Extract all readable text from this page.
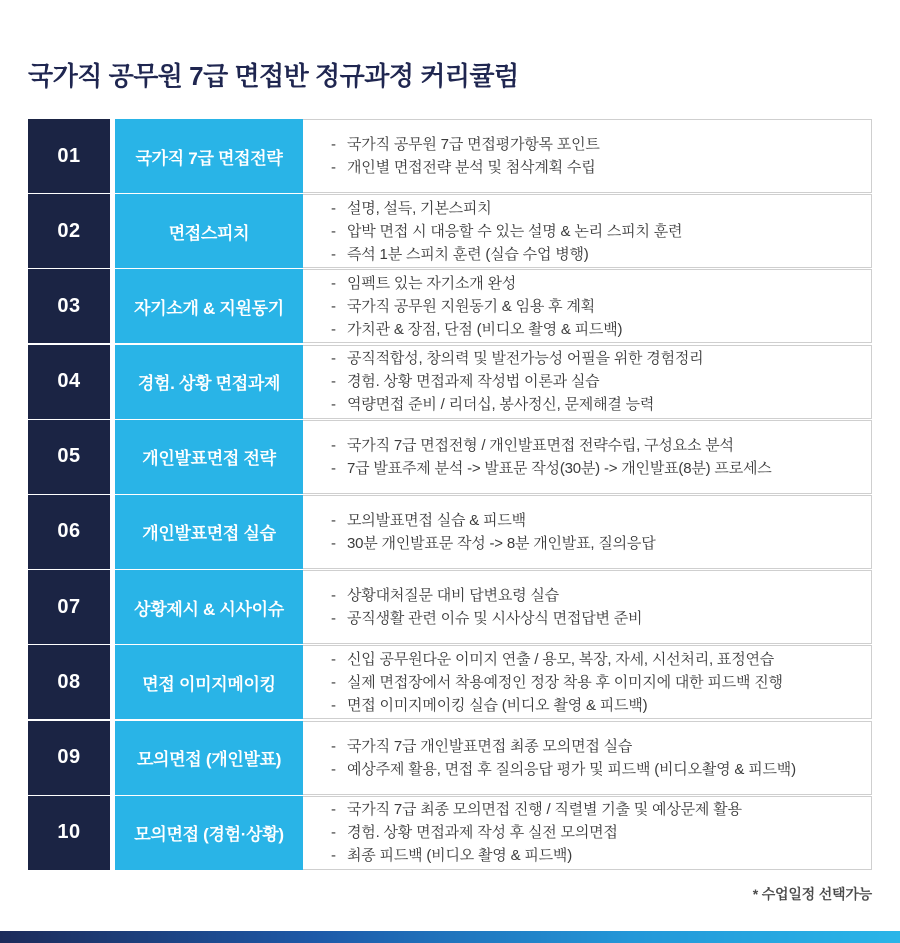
국가직 공무원 7급 면접반 정규과정 커리큘럼
01	국가직 7급 면접전략
- 국가직 공무원 7급 면접평가항목 포인트
- 개인별 면접전략 분석 및 첨삭계획 수립
02	면접스피치
- 설명, 설득, 기본스피치
- 압박 면접 시 대응할 수 있는 설명 & 논리 스피치 훈련
- 즉석 1분 스피치 훈련 (실습 수업 병행)
03	자기소개 & 지원동기
- 임펙트 있는 자기소개 완성
- 국가직 공무원 지원동기 & 임용 후 계획
- 가치관 & 장점, 단점 (비디오 촬영 & 피드백)
04	경험. 상황 면접과제
- 공직적합성, 창의력 및 발전가능성 어필을 위한 경험정리
- 경험. 상황 면접과제 작성법 이론과 실습
- 역량면접 준비 / 리더십, 봉사정신, 문제해결 능력
05	개인발표면접 전략
- 국가직 7급 면접전형 / 개인발표면접 전략수립, 구성요소 분석
- 7급 발표주제 분석 -> 발표문 작성(30분) -> 개인발표(8분) 프로세스
06	개인발표면접 실습
- 모의발표면접 실습 & 피드백
- 30분 개인발표문 작성 -> 8분 개인발표, 질의응답
07	상황제시 & 시사이슈
- 상황대처질문 대비 답변요령 실습
- 공직생활 관련 이슈 및 시사상식 면접답변 준비
08	면접 이미지메이킹
- 신입 공무원다운 이미지 연출 / 용모, 복장, 자세, 시선처리, 표정연습
- 실제 면접장에서 착용예정인 정장 착용 후 이미지에 대한 피드백 진행
- 면접 이미지메이킹 실습 (비디오 촬영 & 피드백)
09	모의면접 (개인발표)
- 국가직 7급 개인발표면접 최종 모의면접 실습
- 예상주제 활용, 면접 후 질의응답 평가 및 피드백 (비디오촬영 & 피드백)
10	모의면접 (경험·상황)
- 국가직 7급 최종 모의면접 진행 / 직렬별 기출 및 예상문제 활용
- 경험. 상황 면접과제 작성 후 실전 모의면접
- 최종 피드백 (비디오 촬영 & 피드백)
* 수업일정 선택가능
